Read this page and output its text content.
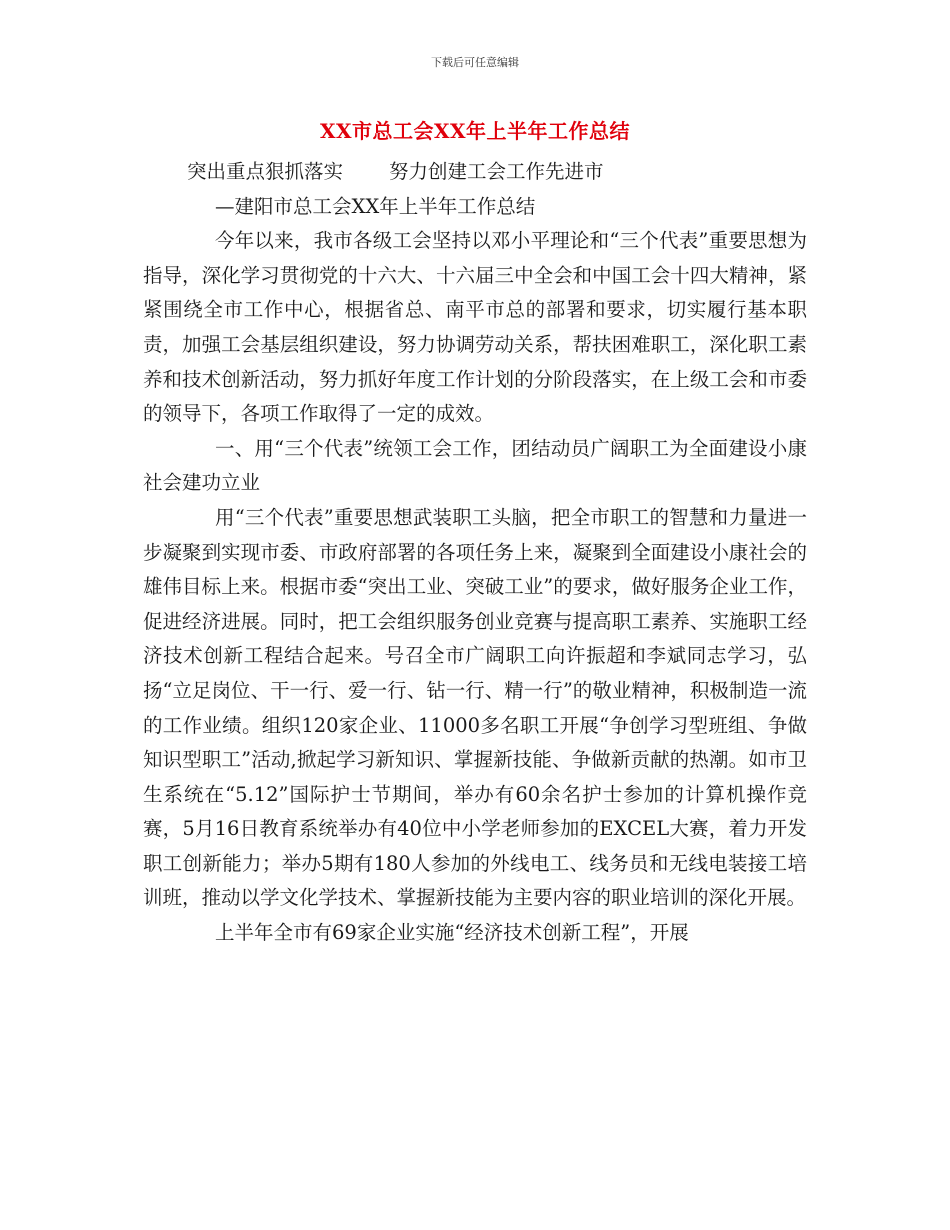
下载后可任意编辑
XX市总工会XX年上半年工作总结

突出重点狠抓落实 努力创建工会工作先进市

—建阳市总工会XX年上半年工作总结

今年以来，我市各级工会坚持以邓小平理论和“三个代表”重要思想为指导，深化学习贯彻党的十六大、十六届三中全会和中国工会十四大精神，紧紧围绕全市工作中心，根据省总、南平市总的部署和要求，切实履行基本职责，加强工会基层组织建设，努力协调劳动关系，帮扶困难职工，深化职工素养和技术创新活动，努力抓好年度工作计划的分阶段落实，在上级工会和市委的领导下，各项工作取得了一定的成效。

一、用“三个代表”统领工会工作，团结动员广阔职工为全面建设小康社会建功立业

用“三个代表”重要思想武装职工头脑，把全市职工的智慧和力量进一步凝聚到实现市委、市政府部署的各项任务上来，凝聚到全面建设小康社会的雄伟目标上来。根据市委“突出工业、突破工业”的要求，做好服务企业工作，促进经济进展。同时，把工会组织服务创业竞赛与提高职工素养、实施职工经济技术创新工程结合起来。号召全市广阔职工向许振超和李斌同志学习，弘扬“立足岗位、干一行、爱一行、钻一行、精一行”的敬业精神，积极制造一流的工作业绩。组织120家企业、11000多名职工开展“争创学习型班组、争做知识型职工”活动,掀起学习新知识、掌握新技能、争做新贡献的热潮。如市卫生系统在“5.12”国际护士节期间，举办有60余名护士参加的计算机操作竞赛，5月16日教育系统举办有40位中小学老师参加的EXCEL大赛，着力开发职工创新能力；举办5期有180人参加的外线电工、线务员和无线电装接工培训班，推动以学文化学技术、掌握新技能为主要内容的职业培训的深化开展。

上半年全市有69家企业实施“经济技术创新工程”，开展
